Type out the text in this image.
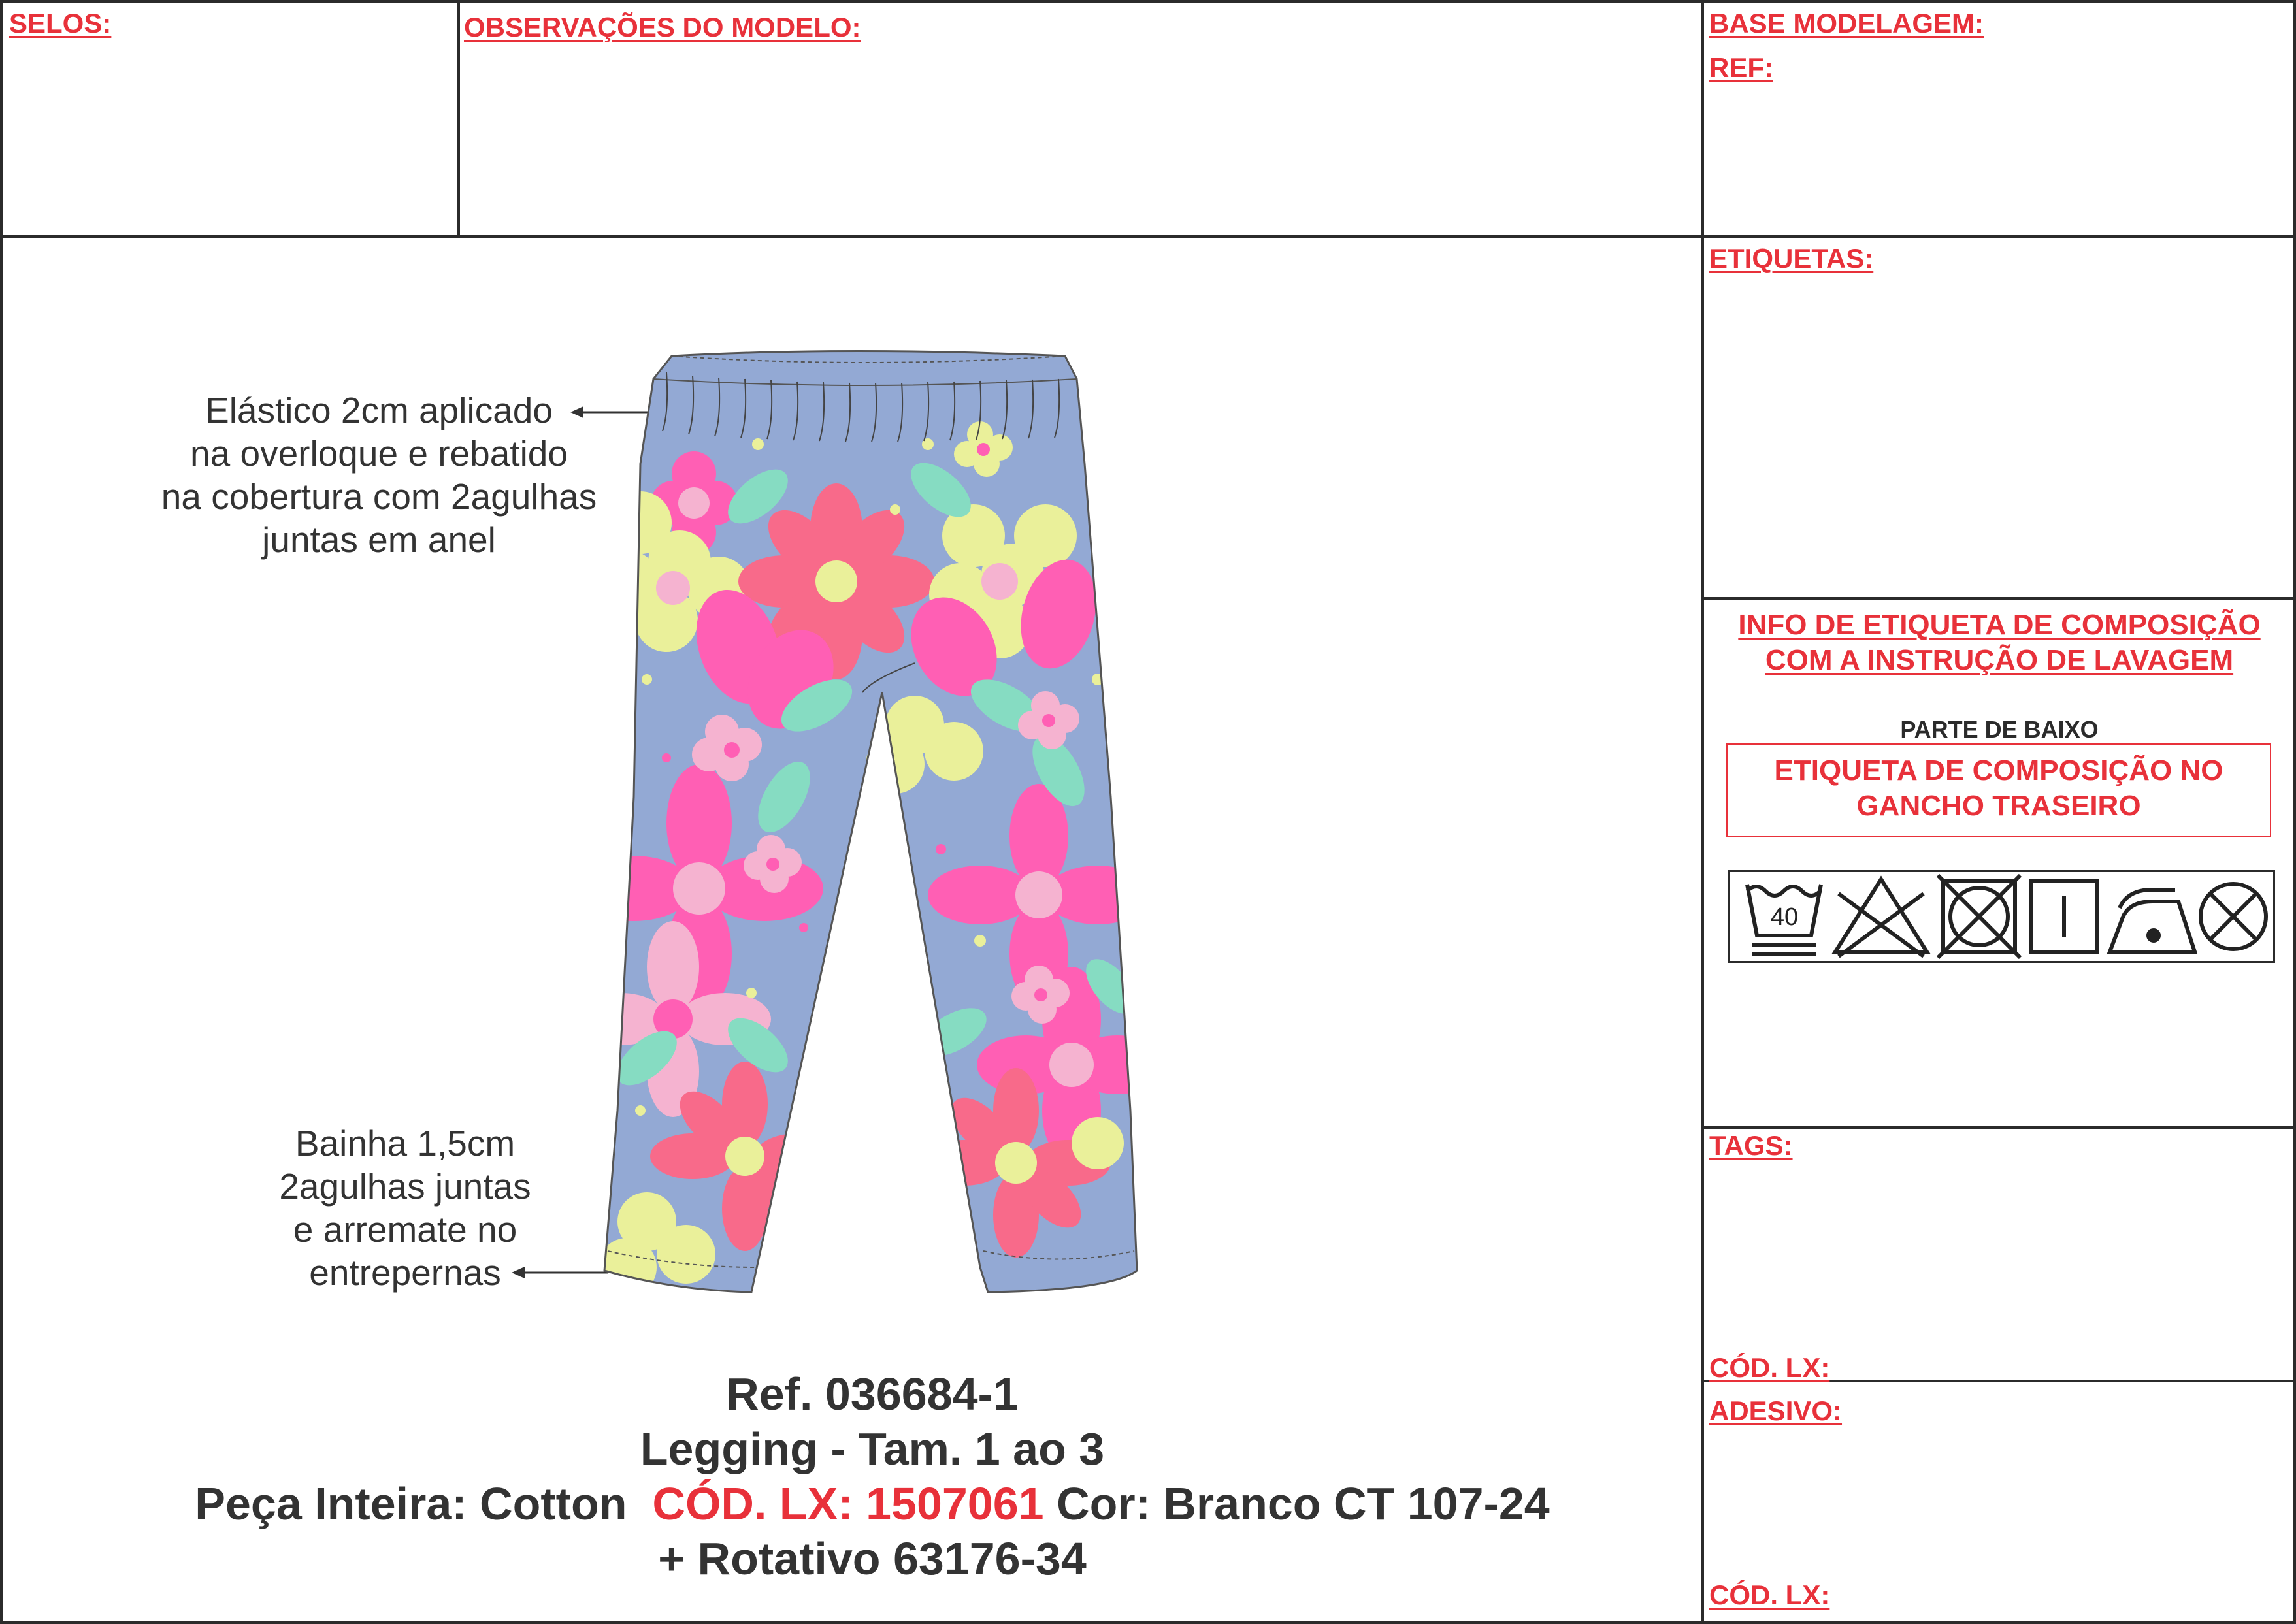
SELOS:	OBSERVAÇÕES DO MODELO:	BASE MODELAGEM:
REF:
ETIQUETAS:
TAGS:
CÓD. LX:
ADESIVO:
CÓD. LX:
INFO DE ETIQUETA DE COMPOSIÇÃO
COM A INSTRUÇÃO DE LAVAGEM
PARTE DE BAIXO
ETIQUETA DE COMPOSIÇÃO NO
GANCHO TRASEIRO
40
Elástico 2cm aplicado
na overloque e rebatido
na cobertura com 2agulhas
juntas em anel
Bainha 1,5cm
2agulhas juntas
e arremate no
entrepernas
Ref. 036684-1
Legging - Tam. 1 ao 3
Peça Inteira: Cotton CÓD. LX: 1507061 Cor: Branco CT 107-24
+ Rotativo 63176-34
